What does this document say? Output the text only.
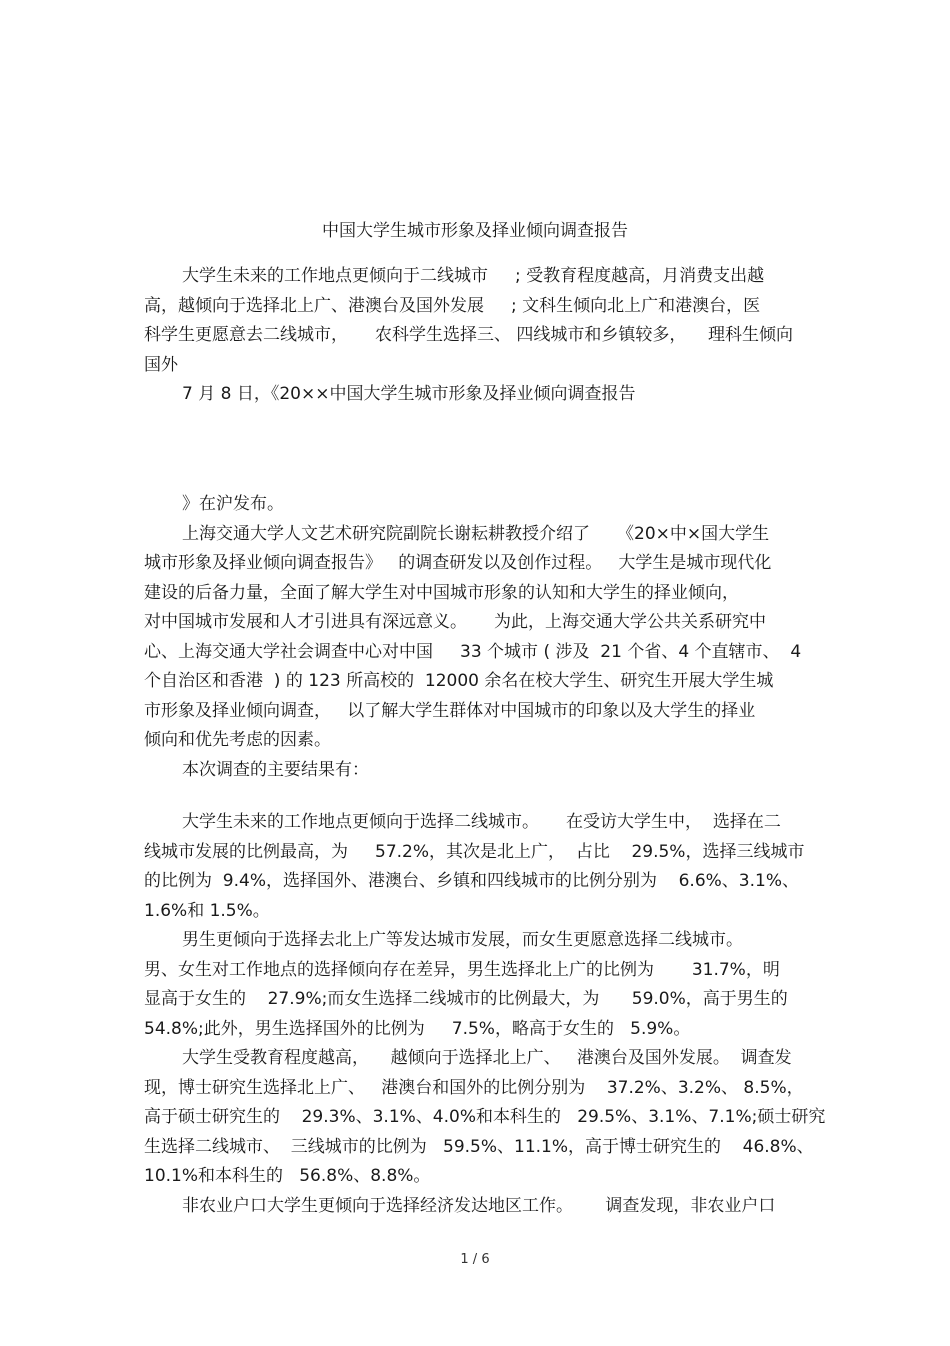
中国大学生城市形象及择业倾向调查报告
大学生未来的工作地点更倾向于二线城市     ; 受教育程度越高，月消费支出越
高，越倾向于选择北上广、港澳台及国外发展     ; 文科生倾向北上广和港澳台，医
科学生更愿意去二线城市，     农科学生选择三、 四线城市和乡镇较多，    理科生倾向
国外
7 月 8 日，《20××中国大学生城市形象及择业倾向调查报告
》在沪发布。
上海交通大学人文艺术研究院副院长谢耘耕教授介绍了     《20×中×国大学生
城市形象及择业倾向调查报告》   的调查研发以及创作过程。   大学生是城市现代化
建设的后备力量，全面了解大学生对中国城市形象的认知和大学生的择业倾向，
对中国城市发展和人才引进具有深远意义。     为此，上海交通大学公共关系研究中
心、上海交通大学社会调查中心对中国     33 个城市 ( 涉及  21 个省、4 个直辖市、  4
个自治区和香港  ) 的 123 所高校的  12000 余名在校大学生、研究生开展大学生城
市形象及择业倾向调查，   以了解大学生群体对中国城市的印象以及大学生的择业
倾向和优先考虑的因素。
本次调查的主要结果有：
大学生未来的工作地点更倾向于选择二线城市。     在受访大学生中，  选择在二
线城市发展的比例最高，为     57.2%，其次是北上广，  占比    29.5%，选择三线城市
的比例为  9.4%，选择国外、港澳台、乡镇和四线城市的比例分别为    6.6%、3.1%、
1.6%和 1.5%。
男生更倾向于选择去北上广等发达城市发展，而女生更愿意选择二线城市。
男、女生对工作地点的选择倾向存在差异，男生选择北上广的比例为       31.7%，明
显高于女生的    27.9%;而女生选择二线城市的比例最大，为      59.0%，高于男生的
54.8%;此外，男生选择国外的比例为     7.5%，略高于女生的   5.9%。
大学生受教育程度越高，    越倾向于选择北上广、   港澳台及国外发展。  调查发
现，博士研究生选择北上广、   港澳台和国外的比例分别为    37.2%、3.2%、 8.5%，
高于硕士研究生的    29.3%、3.1%、4.0%和本科生的   29.5%、3.1%、7.1%;硕士研究
生选择二线城市、  三线城市的比例为   59.5%、11.1%，高于博士研究生的    46.8%、
10.1%和本科生的   56.8%、8.8%。
非农业户口大学生更倾向于选择经济发达地区工作。      调查发现，非农业户口
1 / 6
